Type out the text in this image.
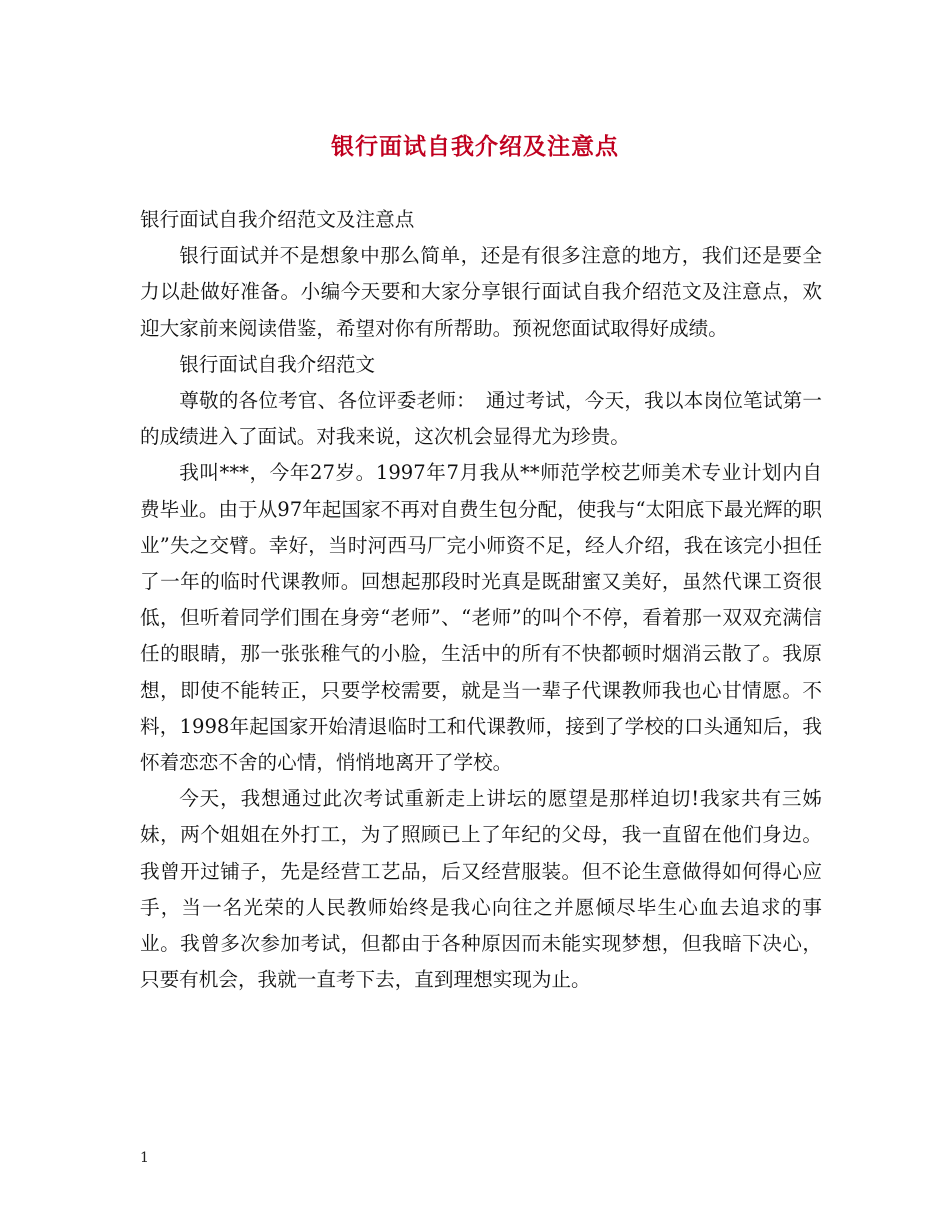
银行面试自我介绍及注意点

银行面试自我介绍范文及注意点

银行面试并不是想象中那么简单，还是有很多注意的地方，我们还是要全力以赴做好准备。小编今天要和大家分享银行面试自我介绍范文及注意点，欢迎大家前来阅读借鉴，希望对你有所帮助。预祝您面试取得好成绩。

银行面试自我介绍范文

尊敬的各位考官、各位评委老师：　通过考试，今天，我以本岗位笔试第一的成绩进入了面试。对我来说，这次机会显得尤为珍贵。

我叫***，今年27岁。1997年7月我从**师范学校艺师美术专业计划内自费毕业。由于从97年起国家不再对自费生包分配，使我与“太阳底下最光辉的职业”失之交臂。幸好，当时河西马厂完小师资不足，经人介绍，我在该完小担任了一年的临时代课教师。回想起那段时光真是既甜蜜又美好，虽然代课工资很低，但听着同学们围在身旁“老师”、“老师”的叫个不停，看着那一双双充满信任的眼睛，那一张张稚气的小脸，生活中的所有不快都顿时烟消云散了。我原想，即使不能转正，只要学校需要，就是当一辈子代课教师我也心甘情愿。不料，1998年起国家开始清退临时工和代课教师，接到了学校的口头通知后，我怀着恋恋不舍的心情，悄悄地离开了学校。

今天，我想通过此次考试重新走上讲坛的愿望是那样迫切!我家共有三姊妹，两个姐姐在外打工，为了照顾已上了年纪的父母，我一直留在他们身边。我曾开过铺子，先是经营工艺品，后又经营服装。但不论生意做得如何得心应手，当一名光荣的人民教师始终是我心向往之并愿倾尽毕生心血去追求的事业。我曾多次参加考试，但都由于各种原因而未能实现梦想，但我暗下决心，只要有机会，我就一直考下去，直到理想实现为止。

1
